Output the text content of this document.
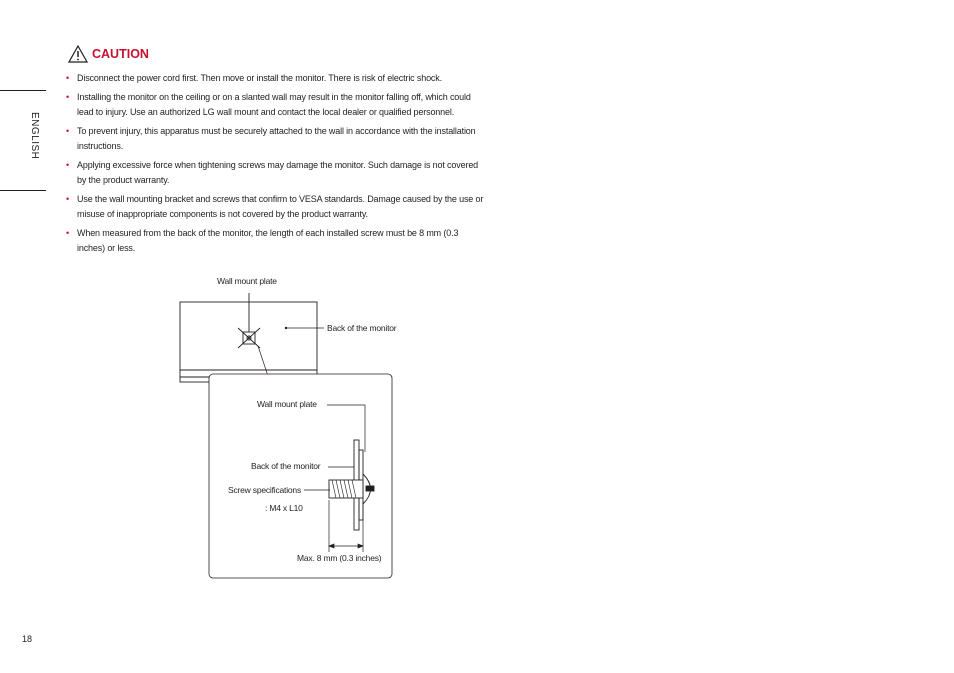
ENGLISH
CAUTION
• Disconnect the power cord first. Then move or install the monitor. There is risk of electric shock.
• Installing the monitor on the ceiling or on a slanted wall may result in the monitor falling off, which could lead to injury. Use an authorized LG wall mount and contact the local dealer or qualified personnel.
• To prevent injury, this apparatus must be securely attached to the wall in accordance with the installation instructions.
• Applying excessive force when tightening screws may damage the monitor. Such damage is not covered by the product warranty.
• Use the wall mounting bracket and screws that confirm to VESA standards. Damage caused by the use or misuse of inappropriate components is not covered by the product warranty.
• When measured from the back of the monitor, the length of each installed screw must be 8 mm (0.3 inches) or less.
Wall mount plate
Back of the monitor
Wall mount plate
Back of the monitor
Screw specifications
: M4 x L10
Max. 8 mm (0.3 inches)
18
